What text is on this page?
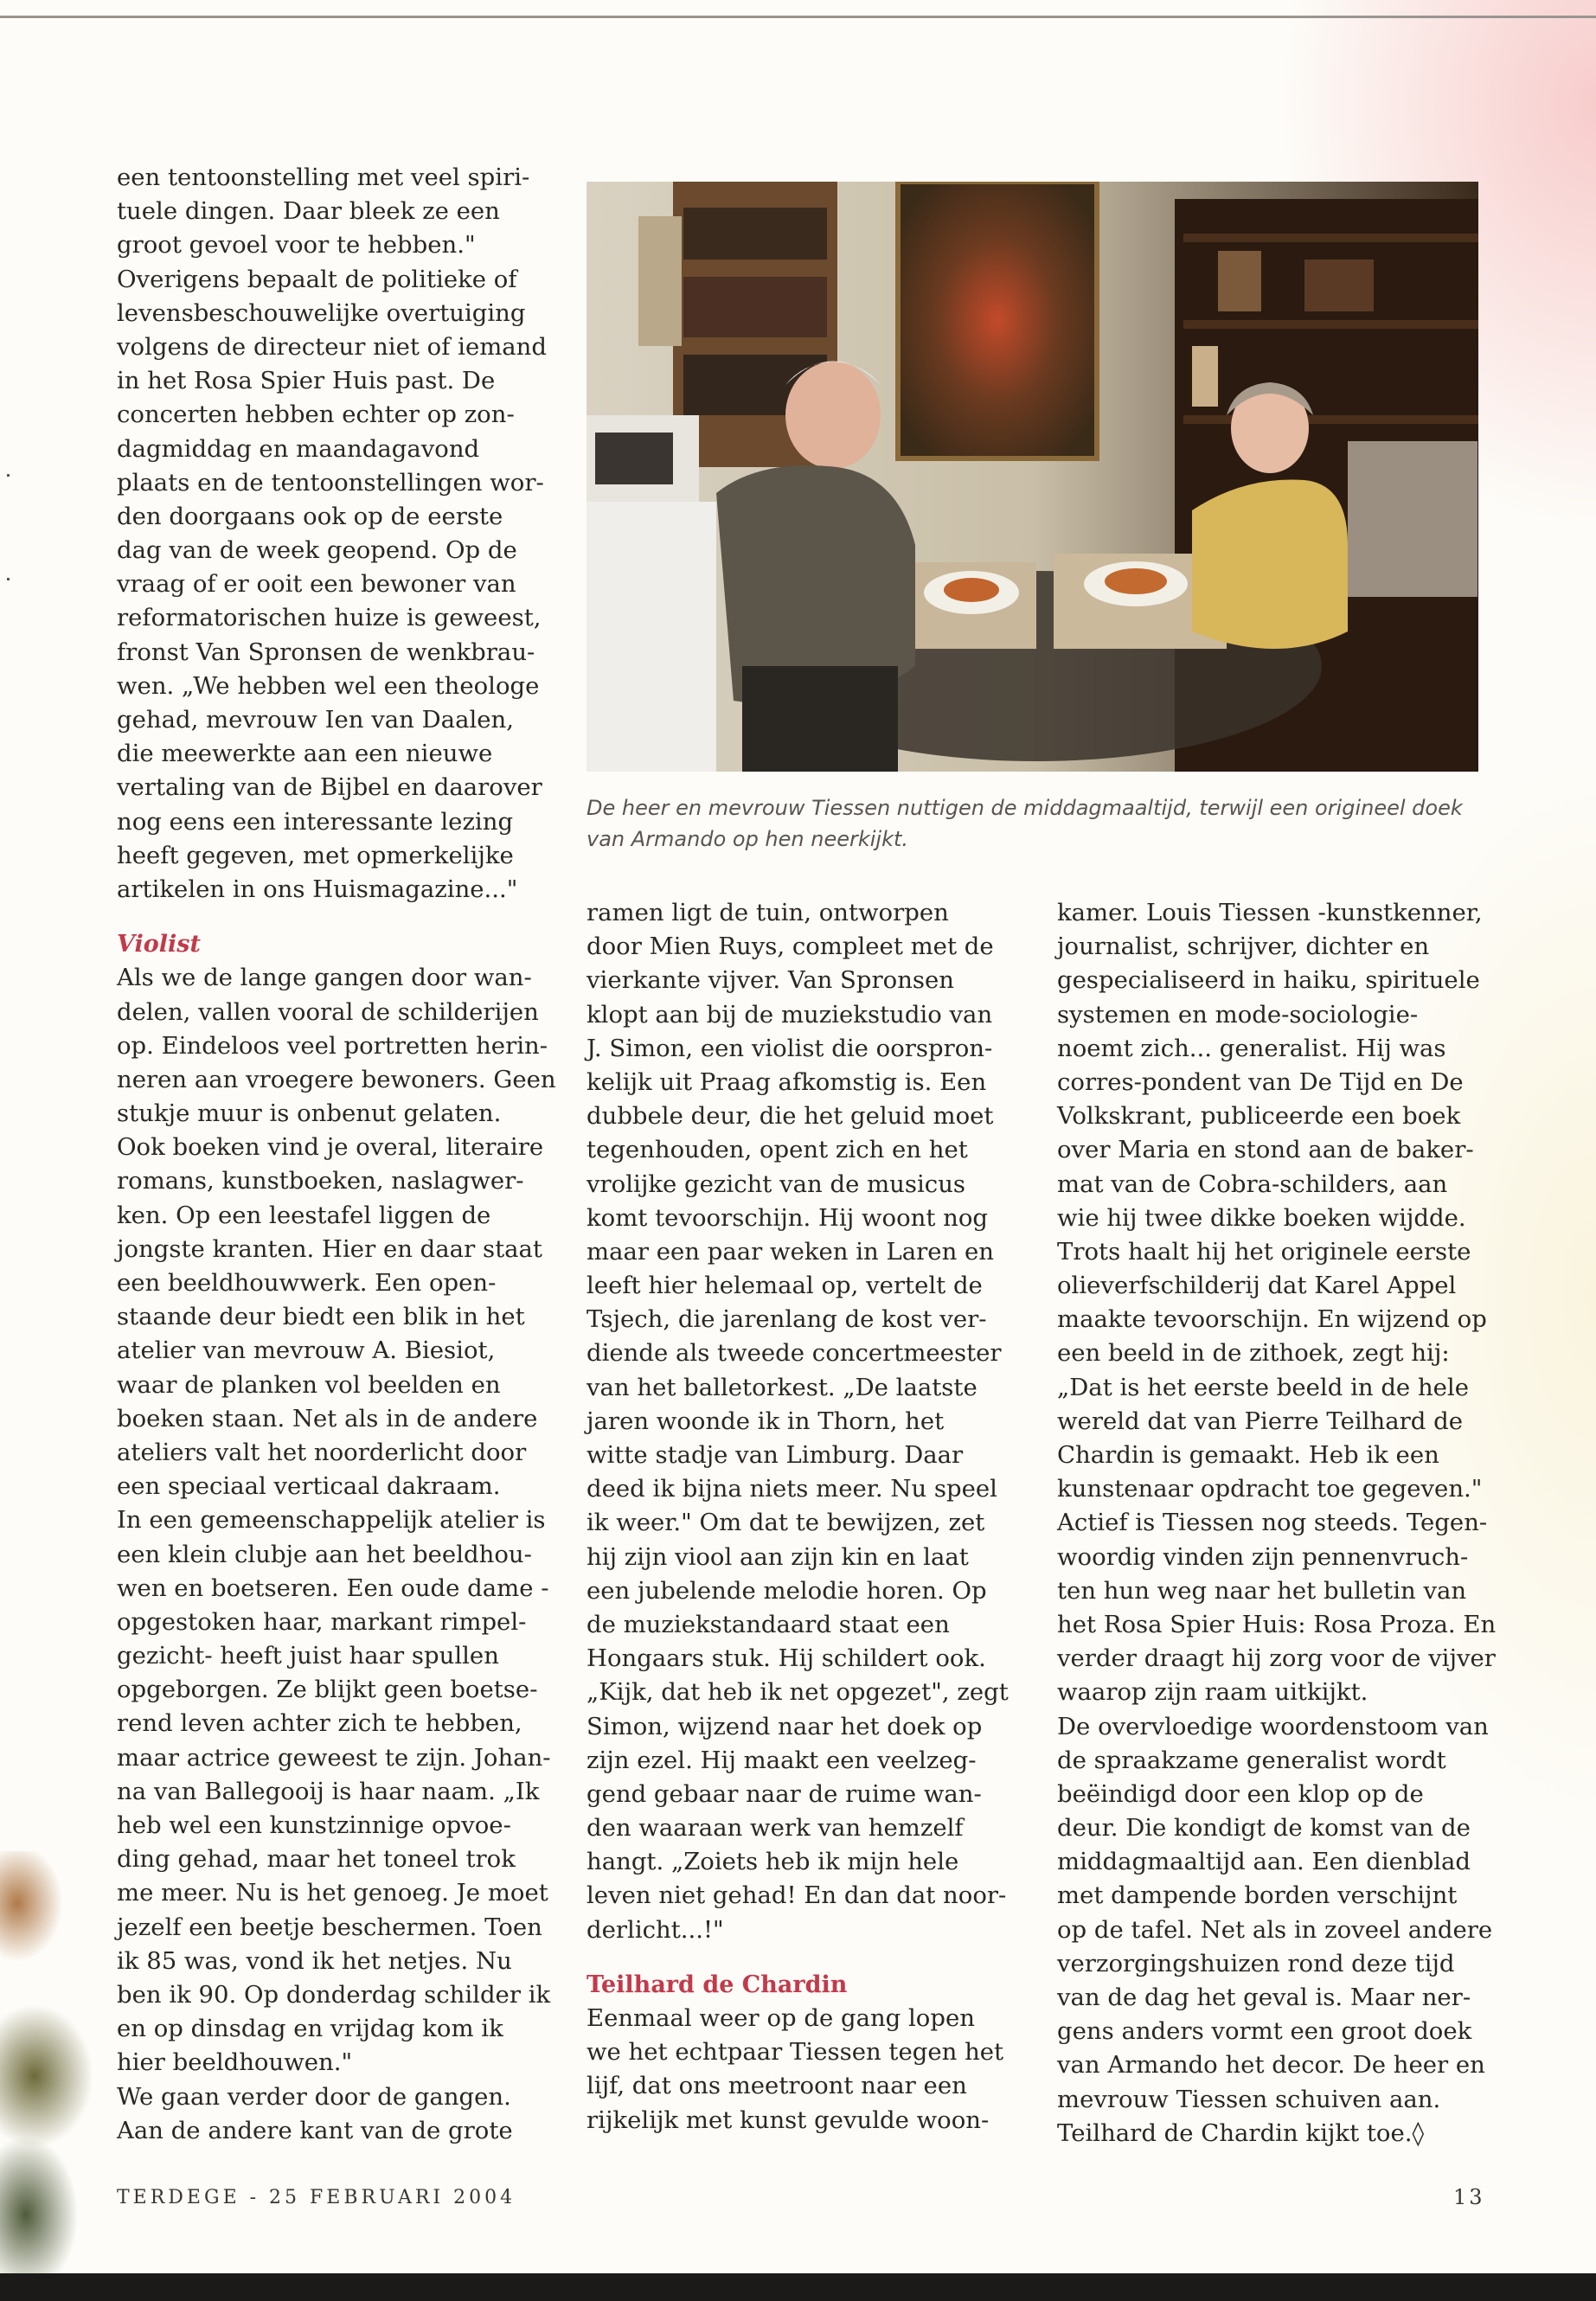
een tentoonstelling met veel spiri-
tuele dingen. Daar bleek ze een
groot gevoel voor te hebben."
Overigens bepaalt de politieke of
levensbeschouwelijke overtuiging
volgens de directeur niet of iemand
in het Rosa Spier Huis past. De
concerten hebben echter op zon-
dagmiddag en maandagavond
plaats en de tentoonstellingen wor-
den doorgaans ook op de eerste
dag van de week geopend. Op de
vraag of er ooit een bewoner van
reformatorischen huize is geweest,
fronst Van Spronsen de wenkbrau-
wen. „We hebben wel een theologe
gehad, mevrouw Ien van Daalen,
die meewerkte aan een nieuwe
vertaling van de Bijbel en daarover
nog eens een interessante lezing
heeft gegeven, met opmerkelijke
artikelen in ons Huismagazine..."
Violist
Als we de lange gangen door wan-
delen, vallen vooral de schilderijen
op. Eindeloos veel portretten herin-
neren aan vroegere bewoners. Geen
stukje muur is onbenut gelaten.
Ook boeken vind je overal, literaire
romans, kunstboeken, naslagwer-
ken. Op een leestafel liggen de
jongste kranten. Hier en daar staat
een beeldhouwwerk. Een open-
staande deur biedt een blik in het
atelier van mevrouw A. Biesiot,
waar de planken vol beelden en
boeken staan. Net als in de andere
ateliers valt het noorderlicht door
een speciaal verticaal dakraam.
In een gemeenschappelijk atelier is
een klein clubje aan het beeldhou-
wen en boetseren. Een oude dame -
opgestoken haar, markant rimpel-
gezicht- heeft juist haar spullen
opgeborgen. Ze blijkt geen boetse-
rend leven achter zich te hebben,
maar actrice geweest te zijn. Johan-
na van Ballegooij is haar naam. „Ik
heb wel een kunstzinnige opvoe-
ding gehad, maar het toneel trok
me meer. Nu is het genoeg. Je moet
jezelf een beetje beschermen. Toen
ik 85 was, vond ik het netjes. Nu
ben ik 90. Op donderdag schilder ik
en op dinsdag en vrijdag kom ik
hier beeldhouwen."
We gaan verder door de gangen.
Aan de andere kant van de grote
De heer en mevrouw Tiessen nuttigen de middagmaaltijd, terwijl een origineel doek
van Armando op hen neerkijkt.
ramen ligt de tuin, ontworpen
door Mien Ruys, compleet met de
vierkante vijver. Van Spronsen
klopt aan bij de muziekstudio van
J. Simon, een violist die oorspron-
kelijk uit Praag afkomstig is. Een
dubbele deur, die het geluid moet
tegenhouden, opent zich en het
vrolijke gezicht van de musicus
komt tevoorschijn. Hij woont nog
maar een paar weken in Laren en
leeft hier helemaal op, vertelt de
Tsjech, die jarenlang de kost ver-
diende als tweede concertmeester
van het balletorkest. „De laatste
jaren woonde ik in Thorn, het
witte stadje van Limburg. Daar
deed ik bijna niets meer. Nu speel
ik weer." Om dat te bewijzen, zet
hij zijn viool aan zijn kin en laat
een jubelende melodie horen. Op
de muziekstandaard staat een
Hongaars stuk. Hij schildert ook.
„Kijk, dat heb ik net opgezet", zegt
Simon, wijzend naar het doek op
zijn ezel. Hij maakt een veelzeg-
gend gebaar naar de ruime wan-
den waaraan werk van hemzelf
hangt. „Zoiets heb ik mijn hele
leven niet gehad! En dan dat noor-
derlicht...!"
Teilhard de Chardin
Eenmaal weer op de gang lopen
we het echtpaar Tiessen tegen het
lijf, dat ons meetroont naar een
rijkelijk met kunst gevulde woon-
kamer. Louis Tiessen -kunstkenner,
journalist, schrijver, dichter en
gespecialiseerd in haiku, spirituele
systemen en mode-sociologie-
noemt zich... generalist. Hij was
corres-pondent van De Tijd en De
Volkskrant, publiceerde een boek
over Maria en stond aan de baker-
mat van de Cobra-schilders, aan
wie hij twee dikke boeken wijdde.
Trots haalt hij het originele eerste
olieverfschilderij dat Karel Appel
maakte tevoorschijn. En wijzend op
een beeld in de zithoek, zegt hij:
„Dat is het eerste beeld in de hele
wereld dat van Pierre Teilhard de
Chardin is gemaakt. Heb ik een
kunstenaar opdracht toe gegeven."
Actief is Tiessen nog steeds. Tegen-
woordig vinden zijn pennenvruch-
ten hun weg naar het bulletin van
het Rosa Spier Huis: Rosa Proza. En
verder draagt hij zorg voor de vijver
waarop zijn raam uitkijkt.
De overvloedige woordenstoom van
de spraakzame generalist wordt
beëindigd door een klop op de
deur. Die kondigt de komst van de
middagmaaltijd aan. Een dienblad
met dampende borden verschijnt
op de tafel. Net als in zoveel andere
verzorgingshuizen rond deze tijd
van de dag het geval is. Maar ner-
gens anders vormt een groot doek
van Armando het decor. De heer en
mevrouw Tiessen schuiven aan.
Teilhard de Chardin kijkt toe.◊
TERDEGE - 25 FEBRUARI 2004	13
